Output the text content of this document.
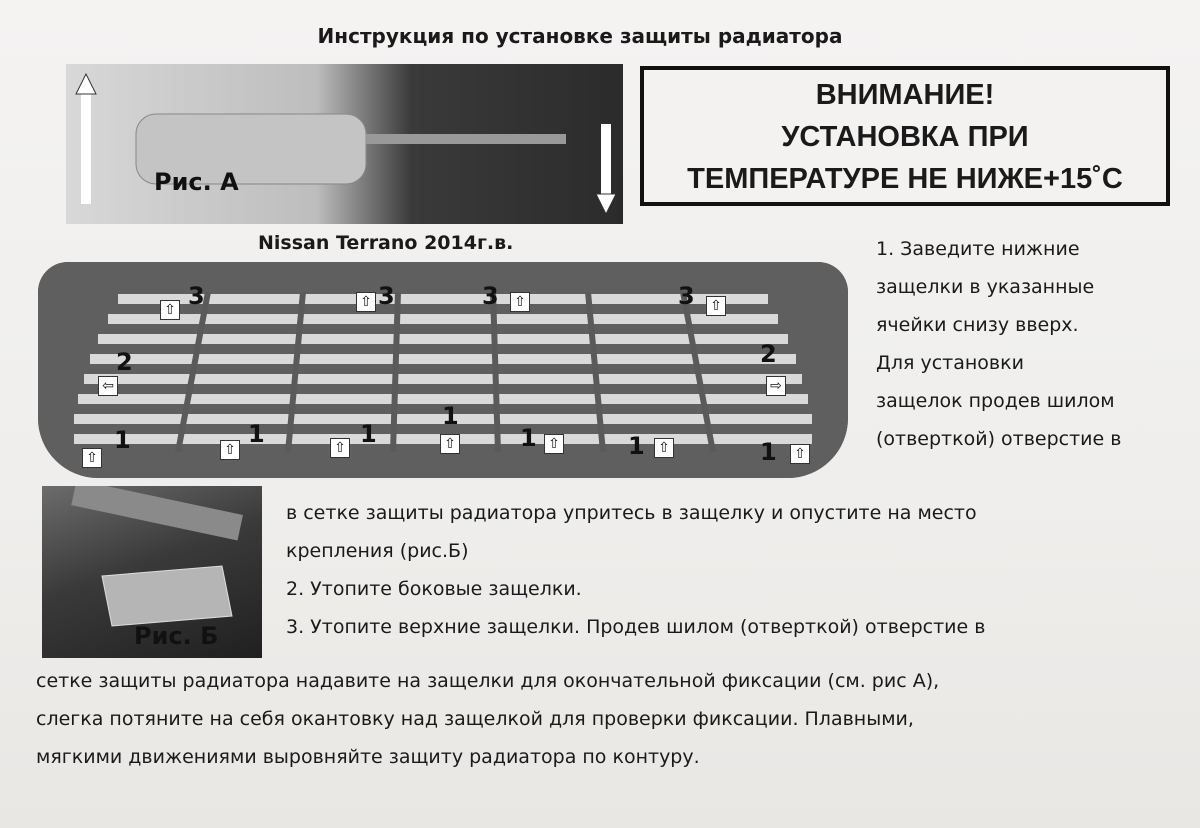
Инструкция по установке защиты радиатора
Рис. А
ВНИМАНИЕ!
УСТАНОВКА ПРИ
ТЕМПЕРАТУРЕ НЕ НИЖЕ+15˚С
Nissan Terrano 2014г.в.
⇧ 3	⇧ 3	3 ⇧	3 ⇧
2
⇦
2
⇨
⇧
1	⇧
1	⇧ 1
1
⇧	1 ⇧	1 ⇧	1 ⇧
Рис. Б
1. Заведите нижние
защелки в указанные
ячейки снизу вверх.
Для установки
защелок продев шилом
(отверткой) отверстие в
в сетке защиты радиатора упритесь в защелку и опустите на место
крепления (рис.Б)
2. Утопите боковые защелки.
3. Утопите верхние защелки. Продев шилом (отверткой) отверстие в
сетке защиты радиатора надавите на защелки для окончательной фиксации (см. рис А),
слегка потяните на себя окантовку над защелкой для проверки фиксации. Плавными,
мягкими движениями выровняйте защиту радиатора по контуру.
